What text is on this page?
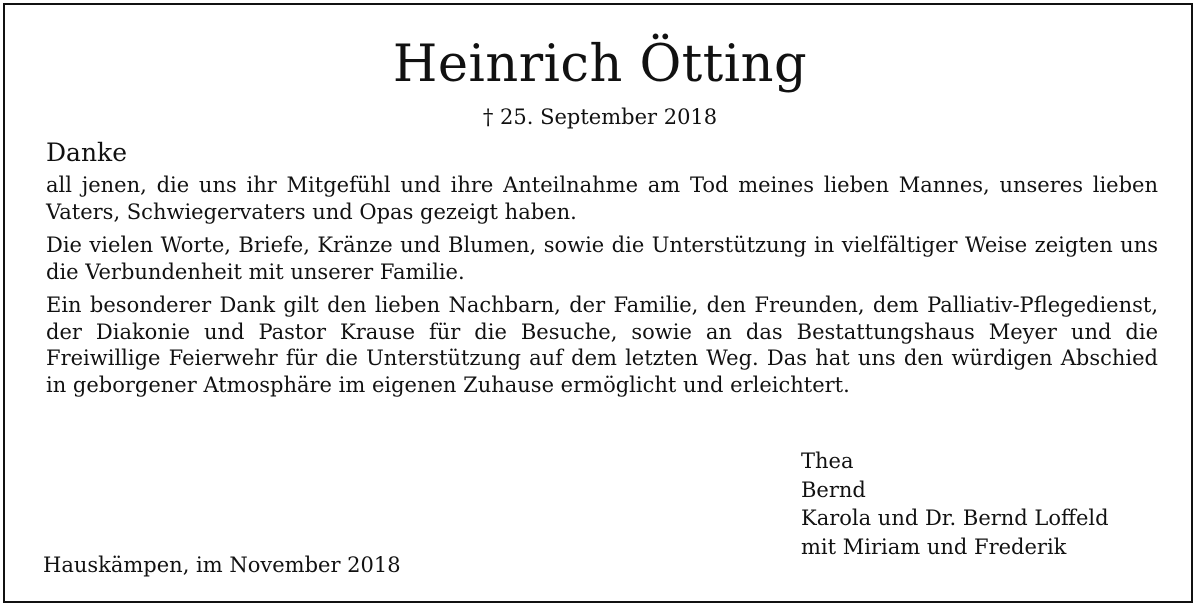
Heinrich Ötting
† 25. September 2018
Danke

all jenen, die uns ihr Mitgefühl und ihre Anteilnahme am Tod meines lieben Mannes, unseres lieben Vaters, Schwiegervaters und Opas gezeigt haben.

Die vielen Worte, Briefe, Kränze und Blumen, sowie die Unterstützung in vielfältiger Weise zeigten uns die Verbundenheit mit unserer Familie.

Ein besonderer Dank gilt den lieben Nachbarn, der Familie, den Freunden, dem Palliativ-Pflegedienst, der Diakonie und Pastor Krause für die Besuche, sowie an das Bestattungshaus Meyer und die Freiwillige Feierwehr für die Unterstützung auf dem letzten Weg. Das hat uns den würdigen Abschied in geborgener Atmosphäre im eigenen Zuhause ermöglicht und erleichtert.

Thea
Bernd
Karola und Dr. Bernd Loffeld
mit Miriam und Frederik
Hauskämpen, im November 2018
